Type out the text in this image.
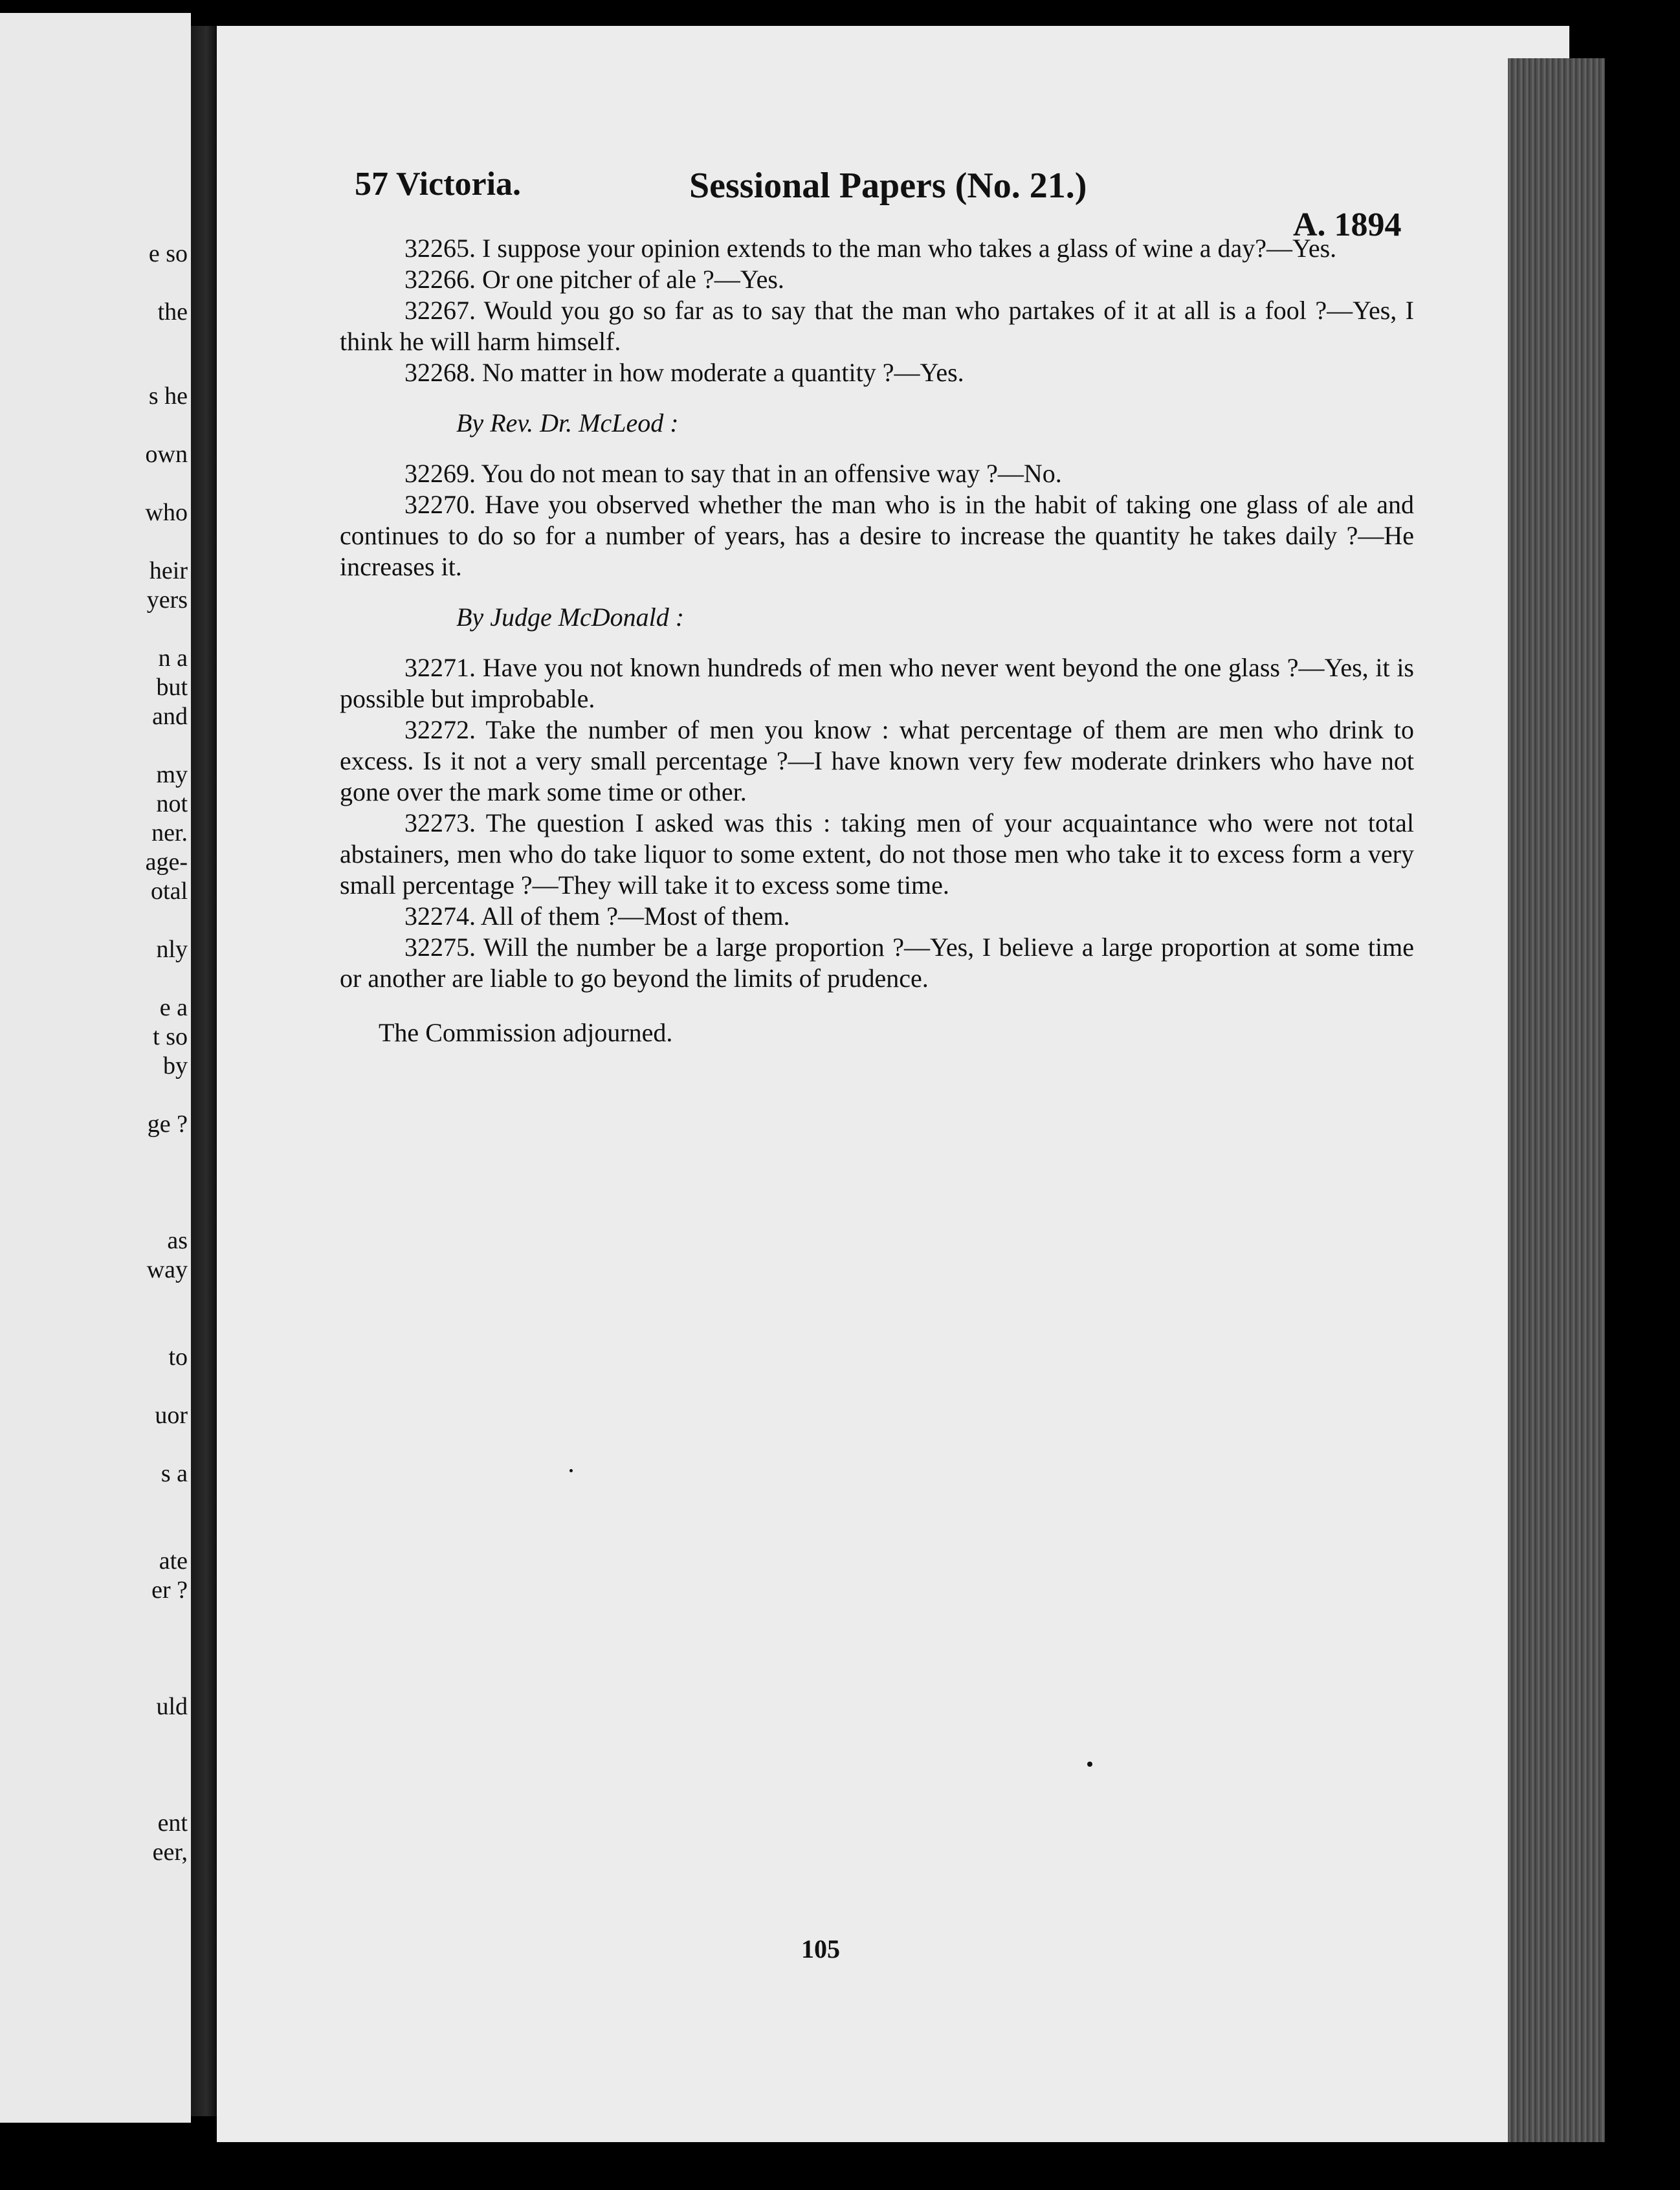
e so
the
s he
own
who
heir
yers
n a
but
and
my
not
ner.
age-
otal
nly
e a
t so
by
ge ?
as
way
to
uor
s a
ate
er ?
uld
ent
eer,
57 Victoria.	Sessional Papers (No. 21.)
A. 1894

32265. I suppose your opinion extends to the man who takes a glass of wine a day?—Yes.

32266. Or one pitcher of ale ?—Yes.

32267. Would you go so far as to say that the man who partakes of it at all is a fool ?—Yes, I think he will harm himself.

32268. No matter in how moderate a quantity ?—Yes.

By Rev. Dr. McLeod :

32269. You do not mean to say that in an offensive way ?—No.

32270. Have you observed whether the man who is in the habit of taking one glass of ale and continues to do so for a number of years, has a desire to increase the quantity he takes daily ?—He increases it.

By Judge McDonald :

32271. Have you not known hundreds of men who never went beyond the one glass ?—Yes, it is possible but improbable.

32272. Take the number of men you know : what percentage of them are men who drink to excess. Is it not a very small percentage ?—I have known very few moderate drinkers who have not gone over the mark some time or other.

32273. The question I asked was this : taking men of your acquaintance who were not total abstainers, men who do take liquor to some extent, do not those men who take it to excess form a very small percentage ?—They will take it to excess some time.

32274. All of them ?—Most of them.

32275. Will the number be a large proportion ?—Yes, I believe a large proportion at some time or another are liable to go beyond the limits of prudence.

The Commission adjourned.

105
